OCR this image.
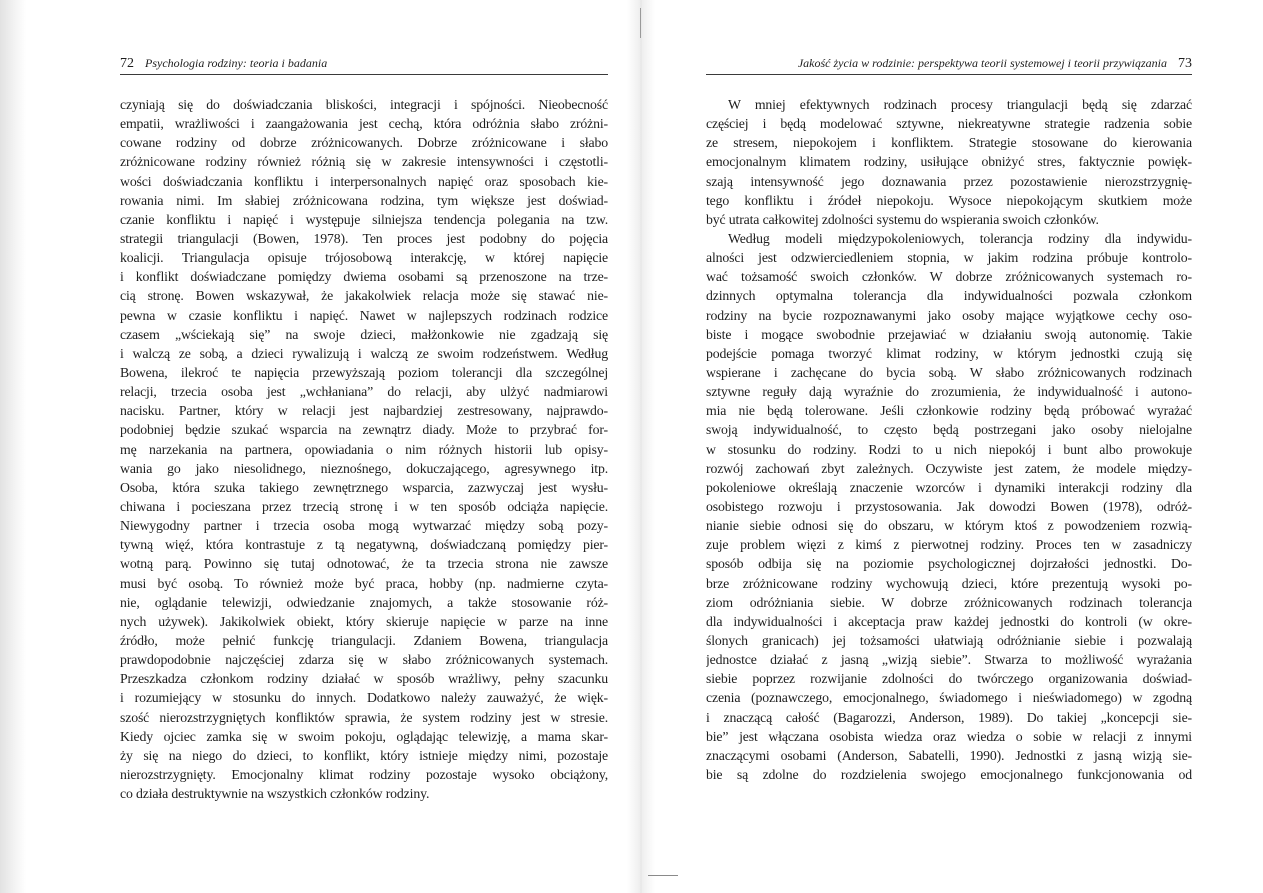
72 Psychologia rodziny: teoria i badania
czyniają się do doświadczania bliskości, integracji i spójności. Nieobecność
empatii, wrażliwości i zaangażowania jest cechą, która odróżnia słabo zróżni-
cowane rodziny od dobrze zróżnicowanych. Dobrze zróżnicowane i słabo
zróżnicowane rodziny również różnią się w zakresie intensywności i częstotli-
wości doświadczania konfliktu i interpersonalnych napięć oraz sposobach kie-
rowania nimi. Im słabiej zróżnicowana rodzina, tym większe jest doświad-
czanie konfliktu i napięć i występuje silniejsza tendencja polegania na tzw.
strategii triangulacji (Bowen, 1978). Ten proces jest podobny do pojęcia
koalicji. Triangulacja opisuje trójosobową interakcję, w której napięcie
i konflikt doświadczane pomiędzy dwiema osobami są przenoszone na trze-
cią stronę. Bowen wskazywał, że jakakolwiek relacja może się stawać nie-
pewna w czasie konfliktu i napięć. Nawet w najlepszych rodzinach rodzice
czasem „wściekają się” na swoje dzieci, małżonkowie nie zgadzają się
i walczą ze sobą, a dzieci rywalizują i walczą ze swoim rodzeństwem. Według
Bowena, ilekroć te napięcia przewyższają poziom tolerancji dla szczególnej
relacji, trzecia osoba jest „wchłaniana” do relacji, aby ulżyć nadmiarowi
nacisku. Partner, który w relacji jest najbardziej zestresowany, najprawdo-
podobniej będzie szukać wsparcia na zewnątrz diady. Może to przybrać for-
mę narzekania na partnera, opowiadania o nim różnych historii lub opisy-
wania go jako niesolidnego, nieznośnego, dokuczającego, agresywnego itp.
Osoba, która szuka takiego zewnętrznego wsparcia, zazwyczaj jest wysłu-
chiwana i pocieszana przez trzecią stronę i w ten sposób odciąża napięcie.
Niewygodny partner i trzecia osoba mogą wytwarzać między sobą pozy-
tywną więź, która kontrastuje z tą negatywną, doświadczaną pomiędzy pier-
wotną parą. Powinno się tutaj odnotować, że ta trzecia strona nie zawsze
musi być osobą. To również może być praca, hobby (np. nadmierne czyta-
nie, oglądanie telewizji, odwiedzanie znajomych, a także stosowanie róż-
nych używek). Jakikolwiek obiekt, który skieruje napięcie w parze na inne
źródło, może pełnić funkcję triangulacji. Zdaniem Bowena, triangulacja
prawdopodobnie najczęściej zdarza się w słabo zróżnicowanych systemach.
Przeszkadza członkom rodziny działać w sposób wrażliwy, pełny szacunku
i rozumiejący w stosunku do innych. Dodatkowo należy zauważyć, że więk-
szość nierozstrzygniętych konfliktów sprawia, że system rodziny jest w stresie.
Kiedy ojciec zamka się w swoim pokoju, oglądając telewizję, a mama skar-
ży się na niego do dzieci, to konflikt, który istnieje między nimi, pozostaje
nierozstrzygnięty. Emocjonalny klimat rodziny pozostaje wysoko obciążony,
co działa destruktywnie na wszystkich członków rodziny.
Jakość życia w rodzinie: perspektywa teorii systemowej i teorii przywiązania 73
W mniej efektywnych rodzinach procesy triangulacji będą się zdarzać
częściej i będą modelować sztywne, niekreatywne strategie radzenia sobie
ze stresem, niepokojem i konfliktem. Strategie stosowane do kierowania
emocjonalnym klimatem rodziny, usiłujące obniżyć stres, faktycznie powięk-
szają intensywność jego doznawania przez pozostawienie nierozstrzygnię-
tego konfliktu i źródeł niepokoju. Wysoce niepokojącym skutkiem może
być utrata całkowitej zdolności systemu do wspierania swoich członków.
Według modeli międzypokoleniowych, tolerancja rodziny dla indywidu-
alności jest odzwierciedleniem stopnia, w jakim rodzina próbuje kontrolo-
wać tożsamość swoich członków. W dobrze zróżnicowanych systemach ro-
dzinnych optymalna tolerancja dla indywidualności pozwala członkom
rodziny na bycie rozpoznawanymi jako osoby mające wyjątkowe cechy oso-
biste i mogące swobodnie przejawiać w działaniu swoją autonomię. Takie
podejście pomaga tworzyć klimat rodziny, w którym jednostki czują się
wspierane i zachęcane do bycia sobą. W słabo zróżnicowanych rodzinach
sztywne reguły dają wyraźnie do zrozumienia, że indywidualność i autono-
mia nie będą tolerowane. Jeśli członkowie rodziny będą próbować wyrażać
swoją indywidualność, to często będą postrzegani jako osoby nielojalne
w stosunku do rodziny. Rodzi to u nich niepokój i bunt albo prowokuje
rozwój zachowań zbyt zależnych. Oczywiste jest zatem, że modele między-
pokoleniowe określają znaczenie wzorców i dynamiki interakcji rodziny dla
osobistego rozwoju i przystosowania. Jak dowodzi Bowen (1978), odróż-
nianie siebie odnosi się do obszaru, w którym ktoś z powodzeniem rozwią-
zuje problem więzi z kimś z pierwotnej rodziny. Proces ten w zasadniczy
sposób odbija się na poziomie psychologicznej dojrzałości jednostki. Do-
brze zróżnicowane rodziny wychowują dzieci, które prezentują wysoki po-
ziom odróżniania siebie. W dobrze zróżnicowanych rodzinach tolerancja
dla indywidualności i akceptacja praw każdej jednostki do kontroli (w okre-
ślonych granicach) jej tożsamości ułatwiają odróżnianie siebie i pozwalają
jednostce działać z jasną „wizją siebie”. Stwarza to możliwość wyrażania
siebie poprzez rozwijanie zdolności do twórczego organizowania doświad-
czenia (poznawczego, emocjonalnego, świadomego i nieświadomego) w zgodną
i znaczącą całość (Bagarozzi, Anderson, 1989). Do takiej „koncepcji sie-
bie” jest włączana osobista wiedza oraz wiedza o sobie w relacji z innymi
znaczącymi osobami (Anderson, Sabatelli, 1990). Jednostki z jasną wizją sie-
bie są zdolne do rozdzielenia swojego emocjonalnego funkcjonowania od
